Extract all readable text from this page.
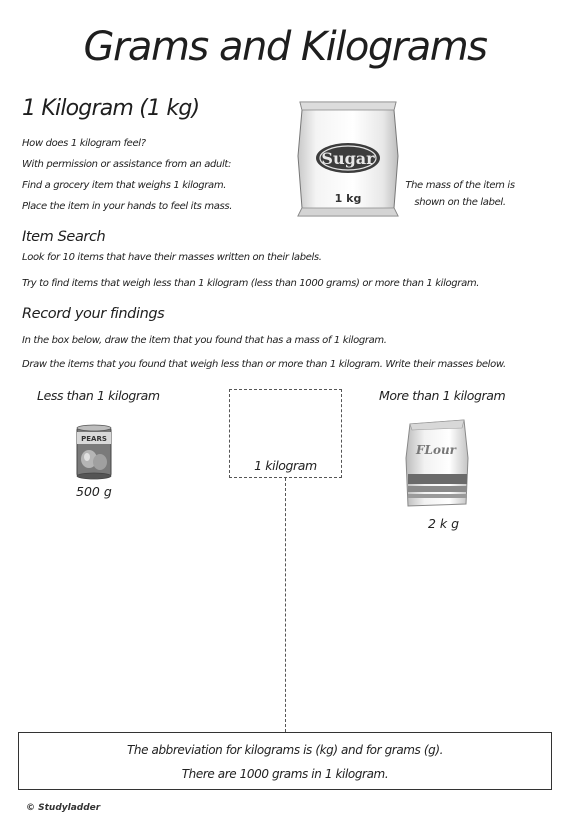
Grams and Kilograms
1 Kilogram (1 kg)
How does 1 kilogram feel?
With permission or assistance from an adult:
Find a grocery item that weighs 1 kilogram.
Place the item in your hands to feel its mass.
Sugar
1 kg
The mass of the item is
shown on the label.
Item Search
Look for 10 items that have their masses written on their labels.
Try to find items that weigh less than 1 kilogram (less than 1000 grams) or more than 1 kilogram.
Record your findings
In the box below, draw the item that you found that has a mass of 1 kilogram.
Draw the items that you found that weigh less than or more than 1 kilogram. Write their masses below.
Less than 1 kilogram
PEARS
500 g
1 kilogram
More than 1 kilogram
FLour
2 k g
The abbreviation for kilograms is (kg) and for grams (g).
There are 1000 grams in 1 kilogram.
© Studyladder
